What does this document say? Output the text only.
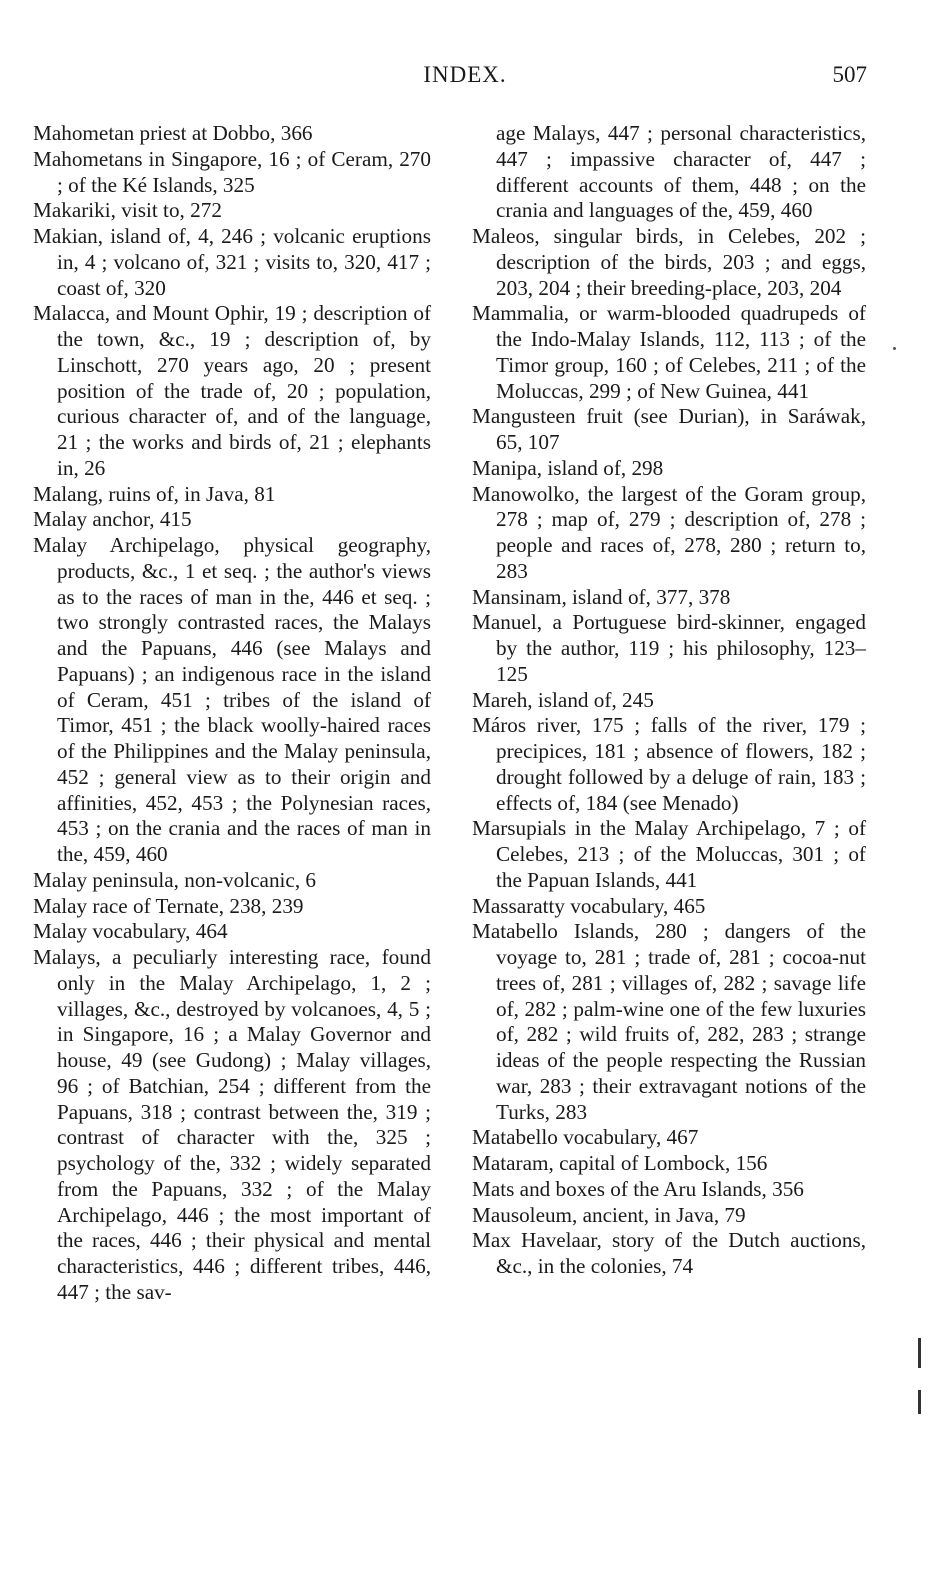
INDEX.	507
Mahometan priest at Dobbo, 366
Mahometans in Singapore, 16 ; of Ceram, 270 ; of the Ké Islands, 325
Makariki, visit to, 272
Makian, island of, 4, 246 ; volcanic eruptions in, 4 ; volcano of, 321 ; visits to, 320, 417 ; coast of, 320
Malacca, and Mount Ophir, 19 ; description of the town, &c., 19 ; description of, by Linschott, 270 years ago, 20 ; present position of the trade of, 20 ; population, curious character of, and of the language, 21 ; the works and birds of, 21 ; elephants in, 26
Malang, ruins of, in Java, 81
Malay anchor, 415
Malay Archipelago, physical geography, products, &c., 1 et seq. ; the author's views as to the races of man in the, 446 et seq. ; two strongly contrasted races, the Malays and the Papuans, 446 (see Malays and Papuans) ; an indigenous race in the island of Ceram, 451 ; tribes of the island of Timor, 451 ; the black woolly-haired races of the Philippines and the Malay peninsula, 452 ; general view as to their origin and affinities, 452, 453 ; the Polynesian races, 453 ; on the crania and the races of man in the, 459, 460
Malay peninsula, non-volcanic, 6
Malay race of Ternate, 238, 239
Malay vocabulary, 464
Malays, a peculiarly interesting race, found only in the Malay Archipelago, 1, 2 ; villages, &c., destroyed by volcanoes, 4, 5 ; in Singapore, 16 ; a Malay Governor and house, 49 (see Gudong) ; Malay villages, 96 ; of Batchian, 254 ; different from the Papuans, 318 ; contrast between the, 319 ; contrast of character with the, 325 ; psychology of the, 332 ; widely separated from the Papuans, 332 ; of the Malay Archipelago, 446 ; the most important of the races, 446 ; their physical and mental characteristics, 446 ; different tribes, 446, 447 ; the sav-
age Malays, 447 ; personal characteristics, 447 ; impassive character of, 447 ; different accounts of them, 448 ; on the crania and languages of the, 459, 460
Maleos, singular birds, in Celebes, 202 ; description of the birds, 203 ; and eggs, 203, 204 ; their breeding-place, 203, 204
Mammalia, or warm-blooded quadrupeds of the Indo-Malay Islands, 112, 113 ; of the Timor group, 160 ; of Celebes, 211 ; of the Moluccas, 299 ; of New Guinea, 441
Mangusteen fruit (see Durian), in Saráwak, 65, 107
Manipa, island of, 298
Manowolko, the largest of the Goram group, 278 ; map of, 279 ; description of, 278 ; people and races of, 278, 280 ; return to, 283
Mansinam, island of, 377, 378
Manuel, a Portuguese bird-skinner, engaged by the author, 119 ; his philosophy, 123–125
Mareh, island of, 245
Máros river, 175 ; falls of the river, 179 ; precipices, 181 ; absence of flowers, 182 ; drought followed by a deluge of rain, 183 ; effects of, 184 (see Menado)
Marsupials in the Malay Archipelago, 7 ; of Celebes, 213 ; of the Moluccas, 301 ; of the Papuan Islands, 441
Massaratty vocabulary, 465
Matabello Islands, 280 ; dangers of the voyage to, 281 ; trade of, 281 ; cocoa-nut trees of, 281 ; villages of, 282 ; savage life of, 282 ; palm-wine one of the few luxuries of, 282 ; wild fruits of, 282, 283 ; strange ideas of the people respecting the Russian war, 283 ; their extravagant notions of the Turks, 283
Matabello vocabulary, 467
Mataram, capital of Lombock, 156
Mats and boxes of the Aru Islands, 356
Mausoleum, ancient, in Java, 79
Max Havelaar, story of the Dutch auctions, &c., in the colonies, 74
